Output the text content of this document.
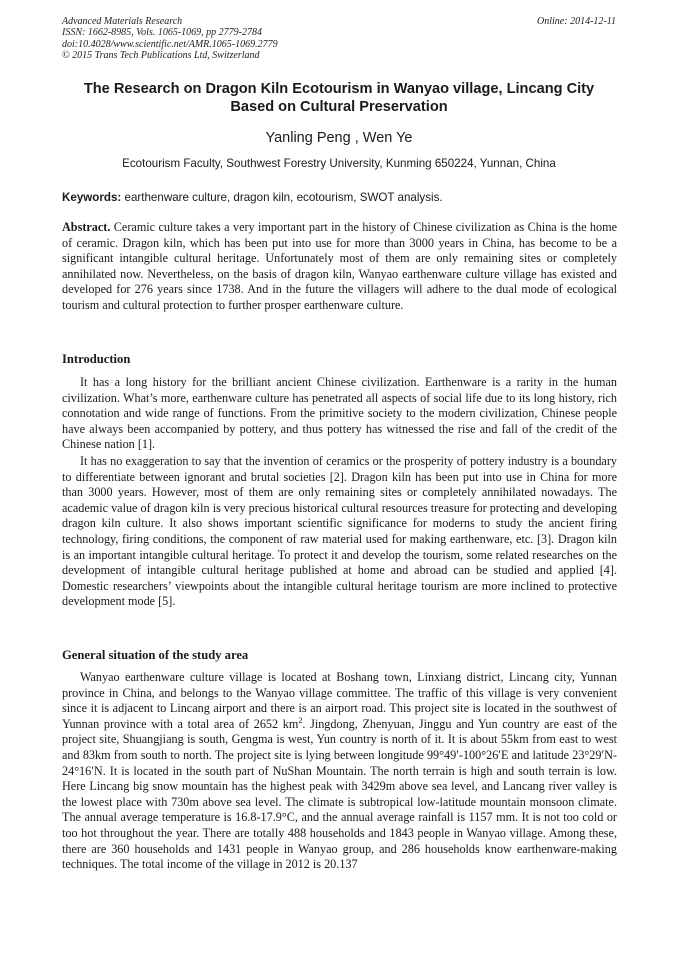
Advanced Materials Research
ISSN: 1662-8985, Vols. 1065-1069, pp 2779-2784
doi:10.4028/www.scientific.net/AMR.1065-1069.2779
© 2015 Trans Tech Publications Ltd, Switzerland
Online: 2014-12-11
The Research on Dragon Kiln Ecotourism in Wanyao village, Lincang City Based on Cultural Preservation
Yanling Peng , Wen Ye
Ecotourism Faculty, Southwest Forestry University, Kunming 650224, Yunnan, China
Keywords: earthenware culture, dragon kiln, ecotourism, SWOT analysis.
Abstract. Ceramic culture takes a very important part in the history of Chinese civilization as China is the home of ceramic. Dragon kiln, which has been put into use for more than 3000 years in China, has become to be a significant intangible cultural heritage. Unfortunately most of them are only remaining sites or completely annihilated now. Nevertheless, on the basis of dragon kiln, Wanyao earthenware culture village has existed and developed for 276 years since 1738. And in the future the villagers will adhere to the dual mode of ecological tourism and cultural protection to further prosper earthenware culture.
Introduction
It has a long history for the brilliant ancient Chinese civilization. Earthenware is a rarity in the human civilization. What’s more, earthenware culture has penetrated all aspects of social life due to its long history, rich connotation and wide range of functions. From the primitive society to the modern civilization, Chinese people have always been accompanied by pottery, and thus pottery has witnessed the rise and fall of the credit of the Chinese nation [1].
It has no exaggeration to say that the invention of ceramics or the prosperity of pottery industry is a boundary to differentiate between ignorant and brutal societies [2]. Dragon kiln has been put into use in China for more than 3000 years. However, most of them are only remaining sites or completely annihilated nowadays. The academic value of dragon kiln is very precious historical cultural resources treasure for protecting and developing dragon kiln culture. It also shows important scientific significance for moderns to study the ancient firing technology, firing conditions, the component of raw material used for making earthenware, etc. [3]. Dragon kiln is an important intangible cultural heritage. To protect it and develop the tourism, some related researches on the development of intangible cultural heritage published at home and abroad can be studied and applied [4]. Domestic researchers’ viewpoints about the intangible cultural heritage tourism are more inclined to protective development mode [5].
General situation of the study area
Wanyao earthenware culture village is located at Boshang town, Linxiang district, Lincang city, Yunnan province in China, and belongs to the Wanyao village committee. The traffic of this village is very convenient since it is adjacent to Lincang airport and there is an airport road. This project site is located in the southwest of Yunnan province with a total area of 2652 $km^2$. Jingdong, Zhenyuan, Jinggu and Yun country are east of the project site, Shuangjiang is south, Gengma is west, Yun country is north of it. It is about 55km from east to west and 83km from south to north. The project site is lying between longitude 99°49′-100°26′E and latitude 23°29′N-24°16′N. It is located in the south part of NuShan Mountain. The north terrain is high and south terrain is low. Here Lincang big snow mountain has the highest peak with 3429m above sea level, and Lancang river valley is the lowest place with 730m above sea level. The climate is subtropical low-latitude mountain monsoon climate. The annual average temperature is 16.8-17.9°C, and the annual average rainfall is 1157 mm. It is not too cold or too hot throughout the year. There are totally 488 households and 1843 people in Wanyao village. Among these, there are 360 households and 1431 people in Wanyao group, and 286 households know earthenware-making techniques. The total income of the village in 2012 is 20.137
